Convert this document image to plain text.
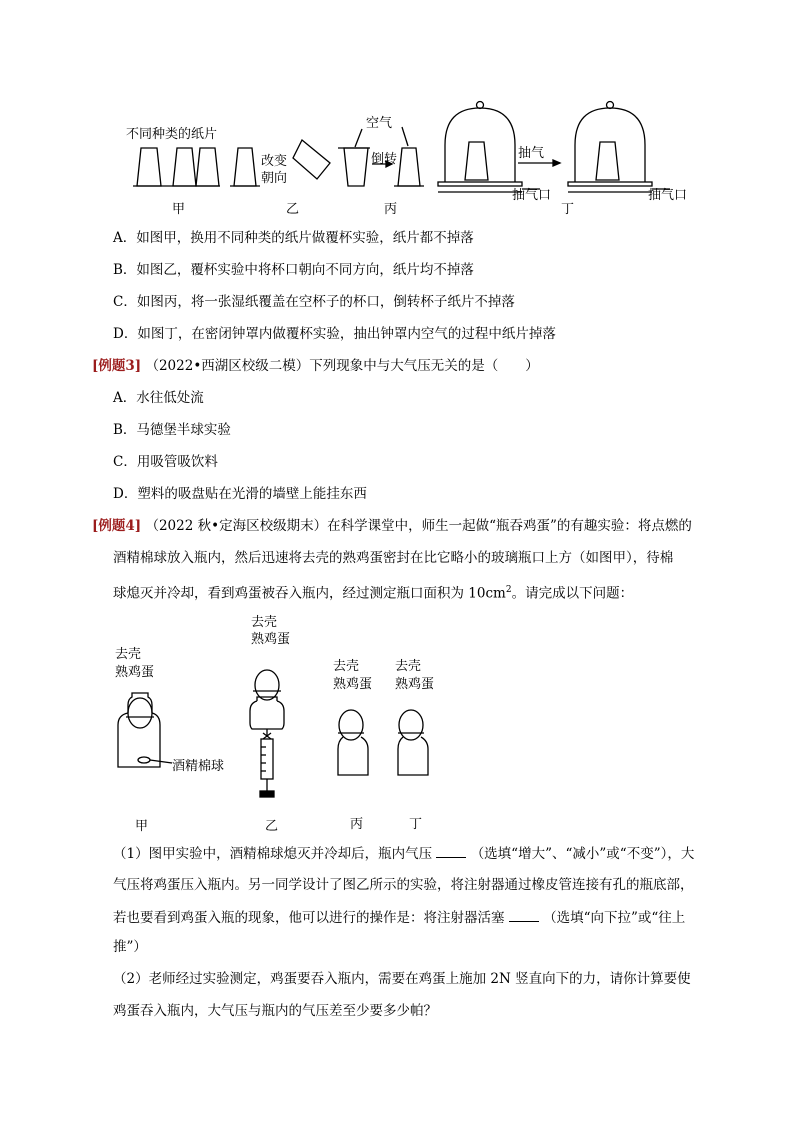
不同种类的纸片
改变
朝向
空气
倒转	抽气
抽气口	抽气口
甲	乙	丙	丁
A．如图甲，换用不同种类的纸片做覆杯实验，纸片都不掉落
B．如图乙，覆杯实验中将杯口朝向不同方向，纸片均不掉落
C．如图丙，将一张湿纸覆盖在空杯子的杯口，倒转杯子纸片不掉落
D．如图丁，在密闭钟罩内做覆杯实验，抽出钟罩内空气的过程中纸片掉落
[例题3] （2022•西湖区校级二模）下列现象中与大气压无关的是（　　）
A．水往低处流
B．马德堡半球实验
C．用吸管吸饮料
D．塑料的吸盘贴在光滑的墙壁上能挂东西
[例题4] （2022 秋•定海区校级期末）在科学课堂中，师生一起做“瓶吞鸡蛋”的有趣实验：将点燃的
酒精棉球放入瓶内，然后迅速将去壳的熟鸡蛋密封在比它略小的玻璃瓶口上方（如图甲），待棉
球熄灭并冷却，看到鸡蛋被吞入瓶内，经过测定瓶口面积为 $10cm^2$。请完成以下问题：
去壳
熟鸡蛋
酒精棉球
去壳
熟鸡蛋
去壳
熟鸡蛋
去壳
熟鸡蛋
甲	乙	丙	丁
（1）图甲实验中，酒精棉球熄灭并冷却后，瓶内气压	（选填“增大”、“减小”或“不变”），大
气压将鸡蛋压入瓶内。另一同学设计了图乙所示的实验，将注射器通过橡皮管连接有孔的瓶底部，
若也要看到鸡蛋入瓶的现象，他可以进行的操作是：将注射器活塞	（选填“向下拉”或“往上
推”）
（2）老师经过实验测定，鸡蛋要吞入瓶内，需要在鸡蛋上施加 2N 竖直向下的力，请你计算要使
鸡蛋吞入瓶内，大气压与瓶内的气压差至少要多少帕？
